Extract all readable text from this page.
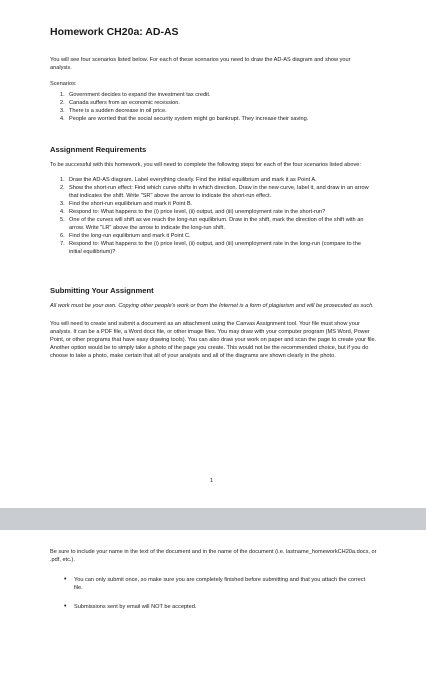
Homework CH20a: AD-AS

You will see four scenarios listed below. For each of these scenarios you need to draw the AD-AS diagram and show your analysis.

Scenarios:

1. Government decides to expand the investment tax credit.
2. Canada suffers from an economic recession.
3. There is a sudden decrease in oil price.
4. People are worried that the social security system might go bankrupt. They increase their saving.
Assignment Requirements

To be successful with this homework, you will need to complete the following steps for each of the four scenarios listed above:

1. Draw the AD-AS diagram. Label everything clearly. Find the initial equilibrium and mark it as Point A.
2. Show the short-run effect: Find which curve shifts in which direction. Draw in the new curve, label it, and draw in an arrow that indicates the shift. Write "SR" above the arrow to indicate the short-run effect.
3. Find the short-run equilibrium and mark it Point B.
4. Respond to: What happens to the (i) price level, (ii) output, and (iii) unemployment rate in the short-run?
5. One of the curves will shift as we reach the long-run equilibrium. Draw in the shift, mark the direction of the shift with an arrow. Write "LR" above the arrow to indicate the long-run shift.
6. Find the long-run equilibrium and mark it Point C.
7. Respond to: What happens to the (i) price level, (ii) output, and (iii) unemployment rate in the long-run (compare to the initial equilibrium)?
Submitting Your Assignment

All work must be your own. Copying other people's work or from the Internet is a form of plagiarism and will be prosecuted as such.

You will need to create and submit a document as an attachment using the Canvas Assignment tool. Your file must show your analysis. It can be a PDF file, a Word docx file, or other image files. You may draw with your computer program (MS Word, Power Point, or other programs that have easy drawing tools). You can also draw your work on paper and scan the page to create your file. Another option would be to simply take a photo of the page you create. This would not be the recommended choice, but if you do choose to take a photo, make certain that all of your analysis and all of the diagrams are shown clearly in the photo.

1

Be sure to include your name in the text of the document and in the name of the document (i.e. lastname_homeworkCH20a.docx, or .pdf, etc.).

•	You can only submit once, so make sure you are completely finished before submitting and that you attach the correct file.
•	Submissions sent by email will NOT be accepted.
